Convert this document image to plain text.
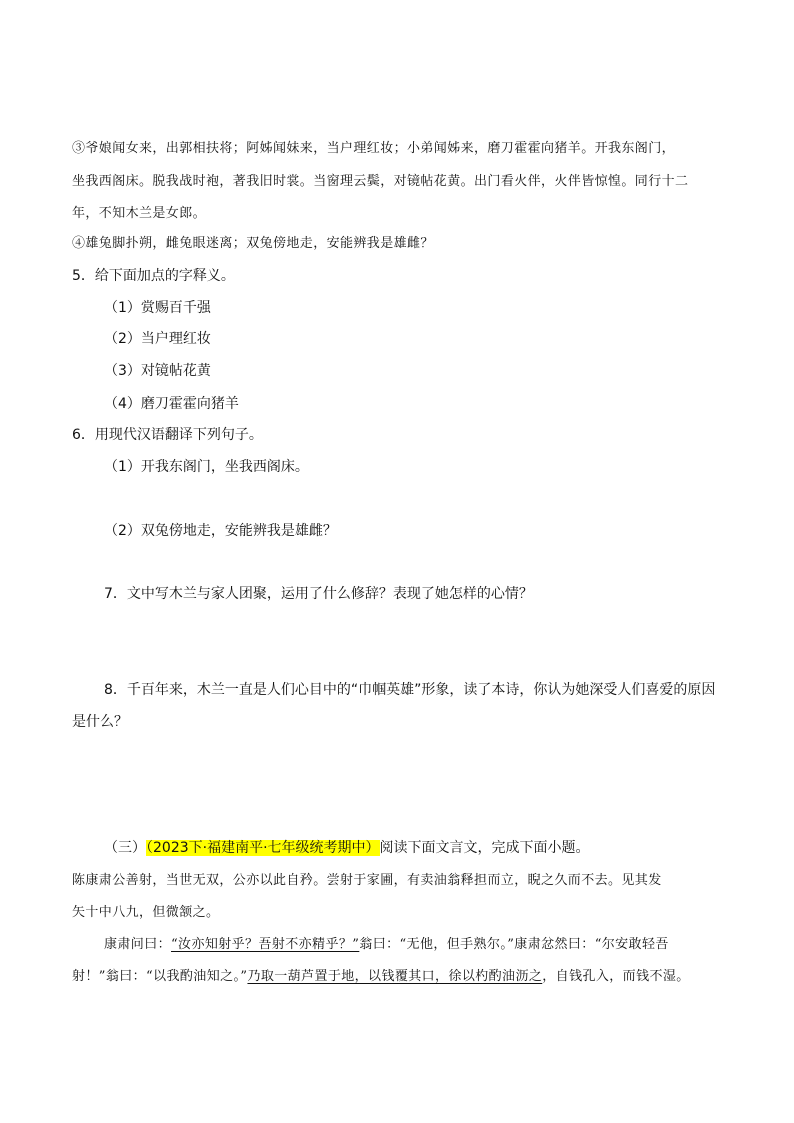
③爷娘闻女来，出郭相扶将；阿姊闻妹来，当户理红妆；小弟闻姊来，磨刀霍霍向猪羊。开我东阁门，
坐我西阁床。脱我战时袍，著我旧时裳。当窗理云鬓，对镜帖花黄。出门看火伴，火伴皆惊惶。同行十二
年，不知木兰是女郎。
④雄兔脚扑朔，雌兔眼迷离；双兔傍地走，安能辨我是雄雌？
5．给下面加点的字释义。
（1）赏赐百千强
（2）当户理红妆
（3）对镜帖花黄
（4）磨刀霍霍向猪羊
6．用现代汉语翻译下列句子。
（1）开我东阁门，坐我西阁床。
（2）双兔傍地走，安能辨我是雄雌？
7．文中写木兰与家人团聚，运用了什么修辞？表现了她怎样的心情？
8．千百年来，木兰一直是人们心目中的“巾帼英雄”形象，读了本诗，你认为她深受人们喜爱的原因
是什么？
（三）（2023下·福建南平·七年级统考期中）阅读下面文言文，完成下面小题。
陈康肃公善射，当世无双，公亦以此自矜。尝射于家圃，有卖油翁释担而立，睨之久而不去。见其发
矢十中八九，但微颔之。
康肃问曰：“汝亦知射乎？吾射不亦精乎？”翁曰：“无他，但手熟尔。”康肃忿然曰：“尔安敢轻吾
射！”翁曰：“以我酌油知之。”乃取一葫芦置于地，以钱覆其口，徐以杓酌油沥之，自钱孔入，而钱不湿。
